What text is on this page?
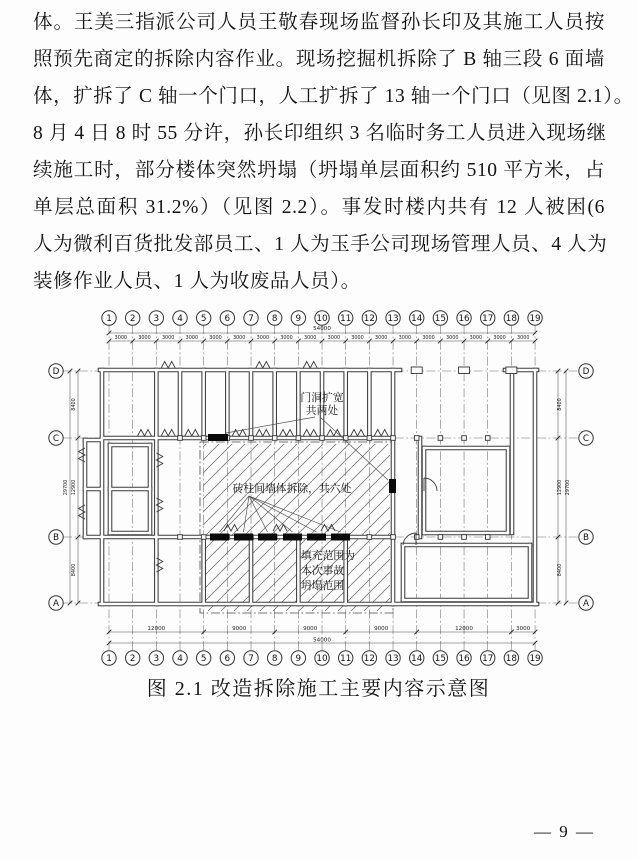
体。王美三指派公司人员王敬春现场监督孙长印及其施工人员按
照预先商定的拆除内容作业。现场挖掘机拆除了 B 轴三段 6 面墙
体，扩拆了 C 轴一个门口，人工扩拆了 13 轴一个门口（见图 2.1）。
8 月 4 日 8 时 55 分许，孙长印组织 3 名临时务工人员进入现场继
续施工时，部分楼体突然坍塌（坍塌单层面积约 510 平方米，占
单层总面积 31.2%）（见图 2.2）。事发时楼内共有 12 人被困(6
人为微利百货批发部员工、1 人为玉手公司现场管理人员、4 人为
装修作业人员、1 人为收废品人员）。
54000
3000 3000 3000 3000 3000 3000 3000 3000 3000 3000 3000 3000 3000 3000 3000 3000 3000 3000
12000	9000	9000	9000	12000	3000
54000
8400	8400
12900	12900
8400	8400
29700	29700
门洞扩宽
共两处
砖柱间墙体拆除，共六处
填充范围为
本次事故
坍塌范围
1
1
2
2
3
3
4
4
5
5
6
6
7
7
8
8
9
9
10
10
11
11
12
12
13
13
14
14
15
15
16
16
17
17
18
18
19
19
D	D
C	C
B	B
A	A
图 2.1 改造拆除施工主要内容示意图
— 9 —
